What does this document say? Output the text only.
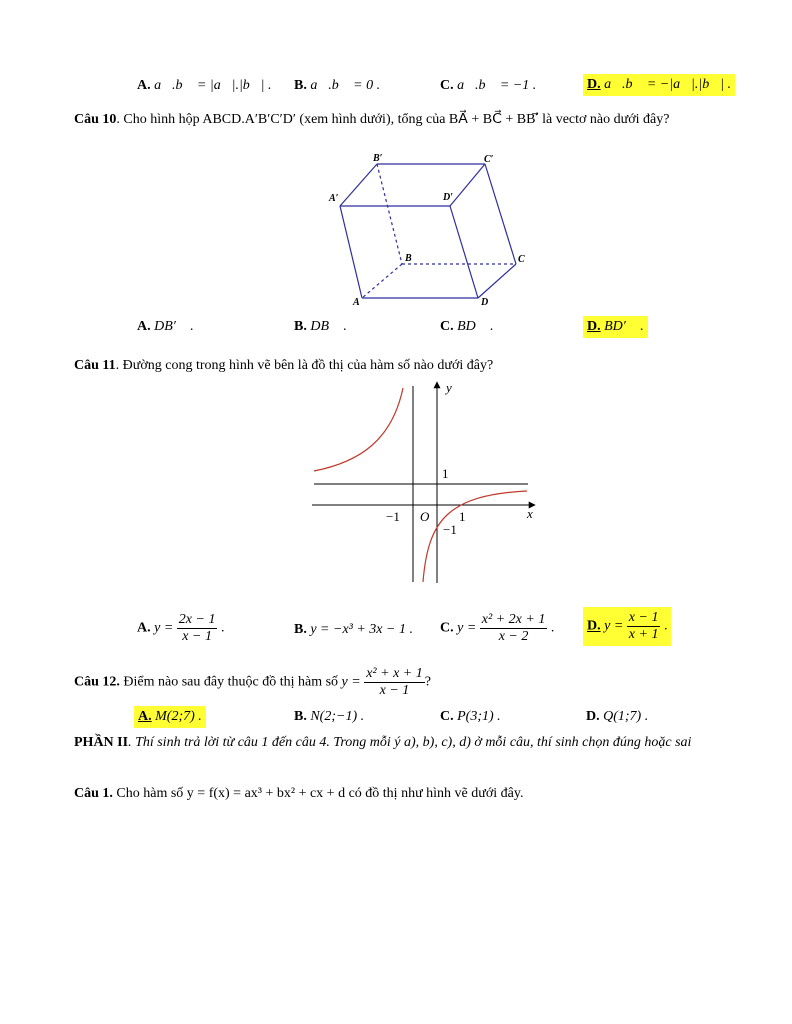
A. a⃗.b⃗ = |a⃗|.|b⃗| . B. a⃗.b⃗ = 0 .	C. a⃗.b⃗ = −1 .	D. a⃗.b⃗ = −|a⃗|.|b⃗| .
Câu 10. Cho hình hộp ABCD.A′B′C′D′ (xem hình dưới), tổng của BA⃗ + BC⃗ + BB′⃗ là vectơ nào dưới đây?
B′	C′
A′	D′
B	C
A	D
A. DB′⃗ .	B. DB⃗ .	C. BD⃗ .	D. BD′⃗ .
Câu 11. Đường cong trong hình vẽ bên là đồ thị của hàm số nào dưới đây?
y
x
1
−1 O 1
−1
A. $y = \frac{2x - 1}{x - 1}$ .	B. y = −x³ + 3x − 1 . C. $y = \frac{\text{x² + 2x + 1}}{x - 2}$ . D. $y = \frac{x - 1}{x + 1}$ .
Câu 12. Điểm nào sau đây thuộc đồ thị hàm số $y = \frac{\text{x² + x + 1}}{x - 1}$ ?
A. M(2;7) .	B. N(2;−1) .	C. P(3;1) .	D. Q(1;7) .
PHẦN II. Thí sinh trả lời từ câu 1 đến câu 4. Trong mỗi ý a), b), c), d) ở mỗi câu, thí sinh chọn đúng hoặc sai
Câu 1. Cho hàm số y = f(x) = ax³ + bx² + cx + d có đồ thị như hình vẽ dưới đây.
